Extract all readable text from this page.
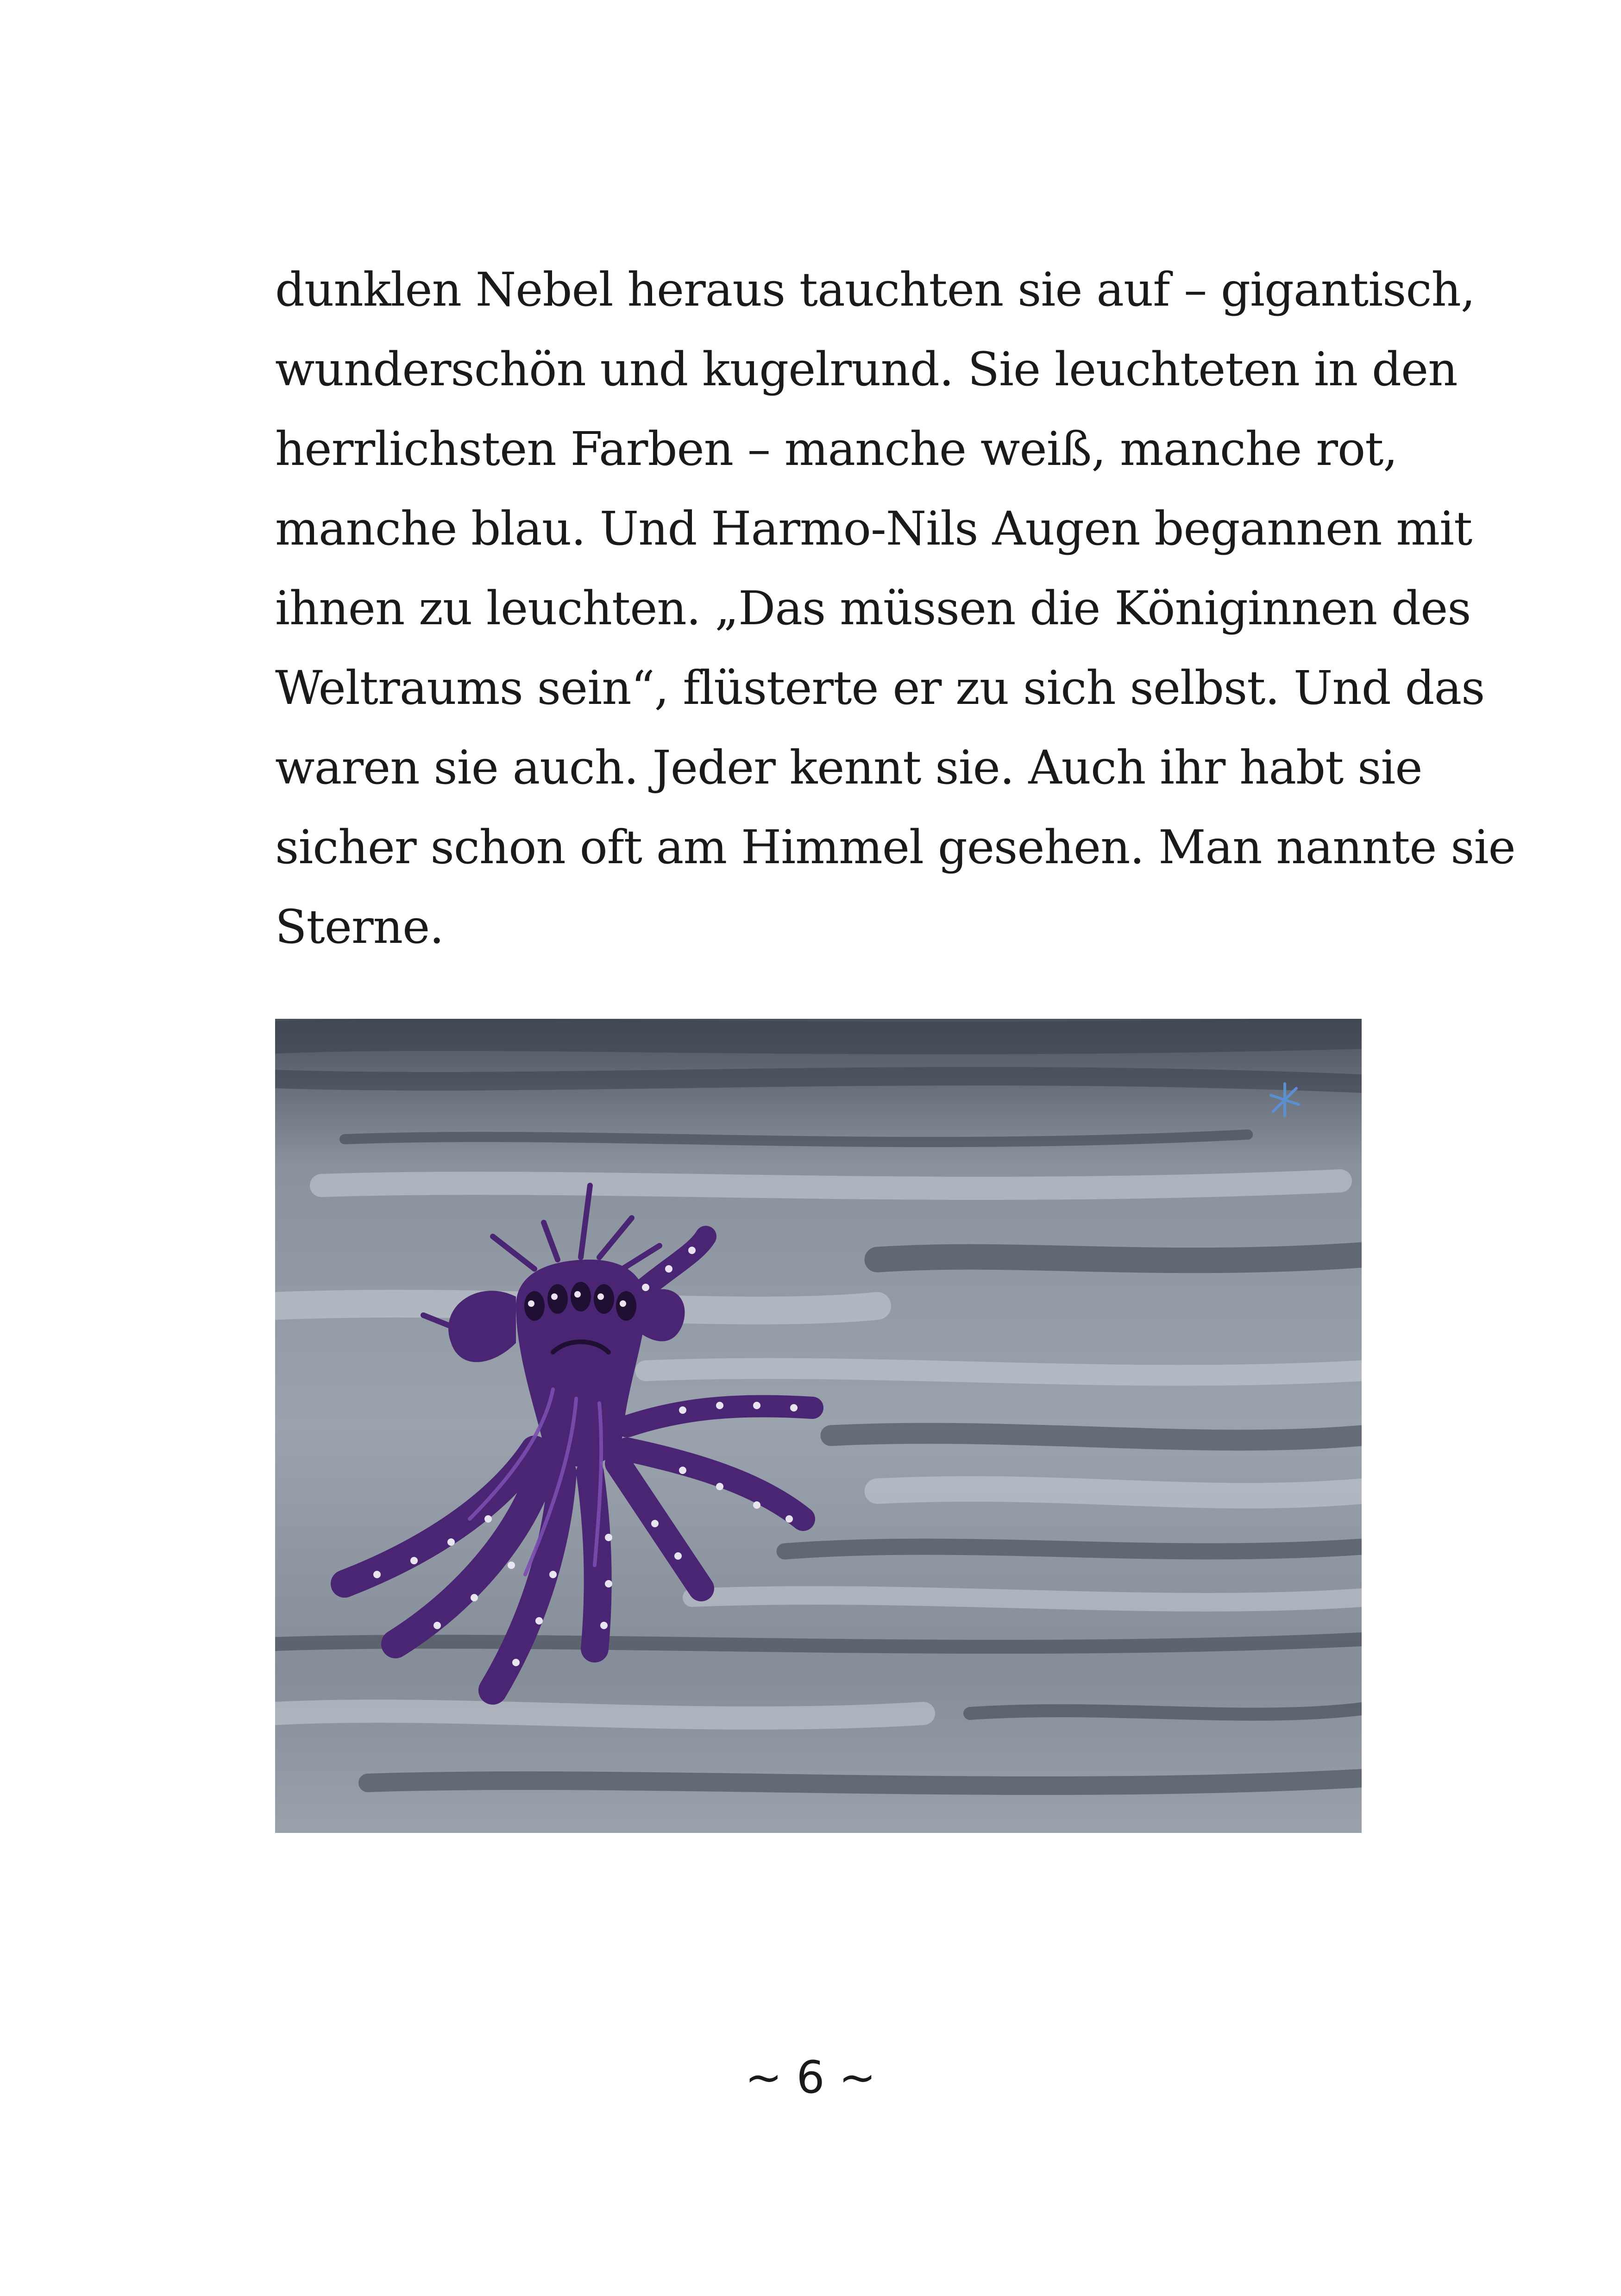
dunklen Nebel heraus tauchten sie auf – gigantisch,
wunderschön und kugelrund. Sie leuchteten in den
herrlichsten Farben – manche weiß, manche rot,
manche blau. Und Harmo-Nils Augen begannen mit
ihnen zu leuchten. „Das müssen die Königinnen des
Weltraums sein“, flüsterte er zu sich selbst. Und das
waren sie auch. Jeder kennt sie. Auch ihr habt sie
sicher schon oft am Himmel gesehen. Man nannte sie
Sterne.
~ 6 ~
